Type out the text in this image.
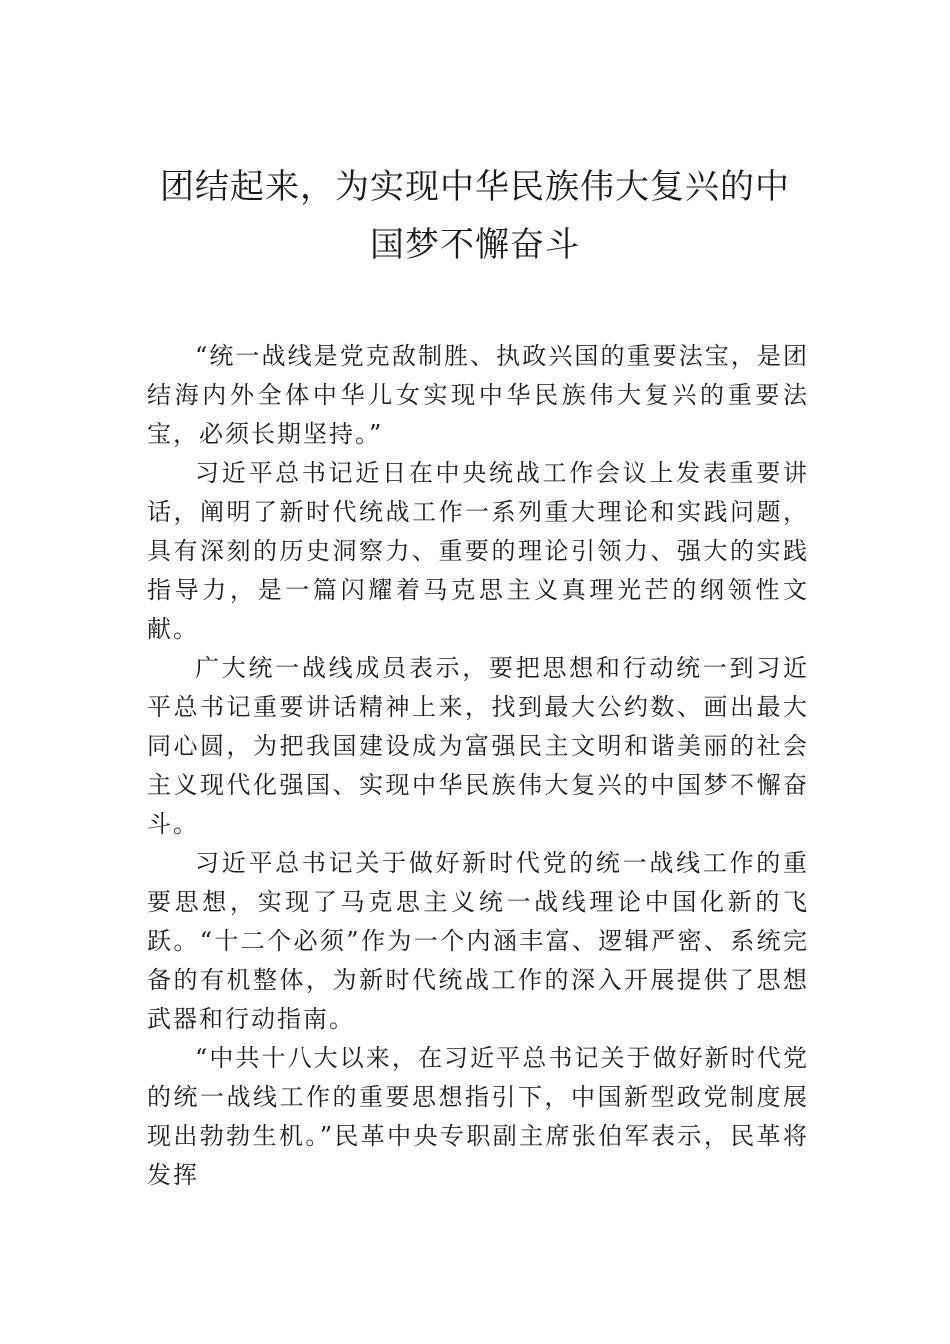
团结起来，为实现中华民族伟大复兴的中
国梦不懈奋斗

“统一战线是党克敌制胜、执政兴国的重要法宝，是团结海内外全体中华儿女实现中华民族伟大复兴的重要法宝，必须长期坚持。”

习近平总书记近日在中央统战工作会议上发表重要讲话，阐明了新时代统战工作一系列重大理论和实践问题，具有深刻的历史洞察力、重要的理论引领力、强大的实践指导力，是一篇闪耀着马克思主义真理光芒的纲领性文献。

广大统一战线成员表示，要把思想和行动统一到习近平总书记重要讲话精神上来，找到最大公约数、画出最大同心圆，为把我国建设成为富强民主文明和谐美丽的社会主义现代化强国、实现中华民族伟大复兴的中国梦不懈奋斗。

习近平总书记关于做好新时代党的统一战线工作的重要思想，实现了马克思主义统一战线理论中国化新的飞跃。“十二个必须”作为一个内涵丰富、逻辑严密、系统完备的有机整体，为新时代统战工作的深入开展提供了思想武器和行动指南。

“中共十八大以来，在习近平总书记关于做好新时代党的统一战线工作的重要思想指引下，中国新型政党制度展现出勃勃生机。”民革中央专职副主席张伯军表示，民革将发挥
